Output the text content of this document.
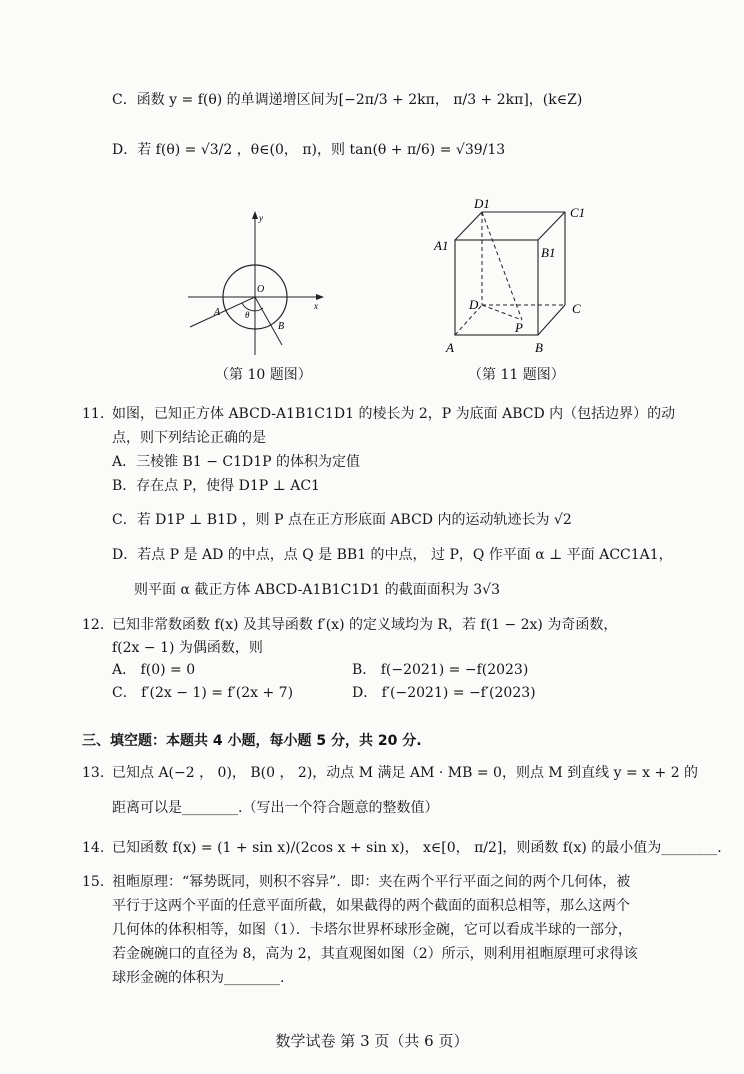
C．函数 y = f(θ) 的单调递增区间为[−2π/3 + 2kπ， π/3 + 2kπ]，(k∈Z)
D．若 f(θ) = √3/2 ，θ∈(0， π)，则 tan(θ + π/6) = √39/13
y
x
O
A
B
θ
（第 10 题图）
D1
C1
A1	B1
D	C
A	B
P
（第 11 题图）
11. 如图，已知正方体 ABCD-A1B1C1D1 的棱长为 2，P 为底面 ABCD 内（包括边界）的动
点，则下列结论正确的是
A．三棱锥 B1 − C1D1P 的体积为定值
B．存在点 P，使得 D1P ⊥ AC1
C．若 D1P ⊥ B1D ，则 P 点在正方形底面 ABCD 内的运动轨迹长为 √2
D．若点 P 是 AD 的中点，点 Q 是 BB1 的中点， 过 P，Q 作平面 α ⊥ 平面 ACC1A1，
则平面 α 截正方体 ABCD-A1B1C1D1 的截面面积为 3√3
12. 已知非常数函数 f(x) 及其导函数 f′(x) 的定义域均为 R，若 f(1 − 2x) 为奇函数，
f(2x − 1) 为偶函数，则
A． f(0) = 0	B． f(−2021) = −f(2023)
C． f′(2x − 1) = f′(2x + 7)	D． f′(−2021) = −f′(2023)
三、填空题：本题共 4 小题，每小题 5 分，共 20 分.
13. 已知点 A(−2 ， 0)， B(0 ， 2)，动点 M 满足 AM · MB = 0，则点 M 到直线 y = x + 2 的
距离可以是________.（写出一个符合题意的整数值）
14. 已知函数 f(x) = (1 + sin x)/(2cos x + sin x)， x∈[0， π/2]，则函数 f(x) 的最小值为________.
15. 祖暅原理：“幂势既同，则积不容异”．即：夹在两个平行平面之间的两个几何体，被
平行于这两个平面的任意平面所截，如果截得的两个截面的面积总相等，那么这两个
几何体的体积相等，如图（1）．卡塔尔世界杯球形金碗，它可以看成半球的一部分，
若金碗碗口的直径为 8，高为 2，其直观图如图（2）所示，则利用祖暅原理可求得该
球形金碗的体积为________.
数学试卷 第 3 页（共 6 页）
